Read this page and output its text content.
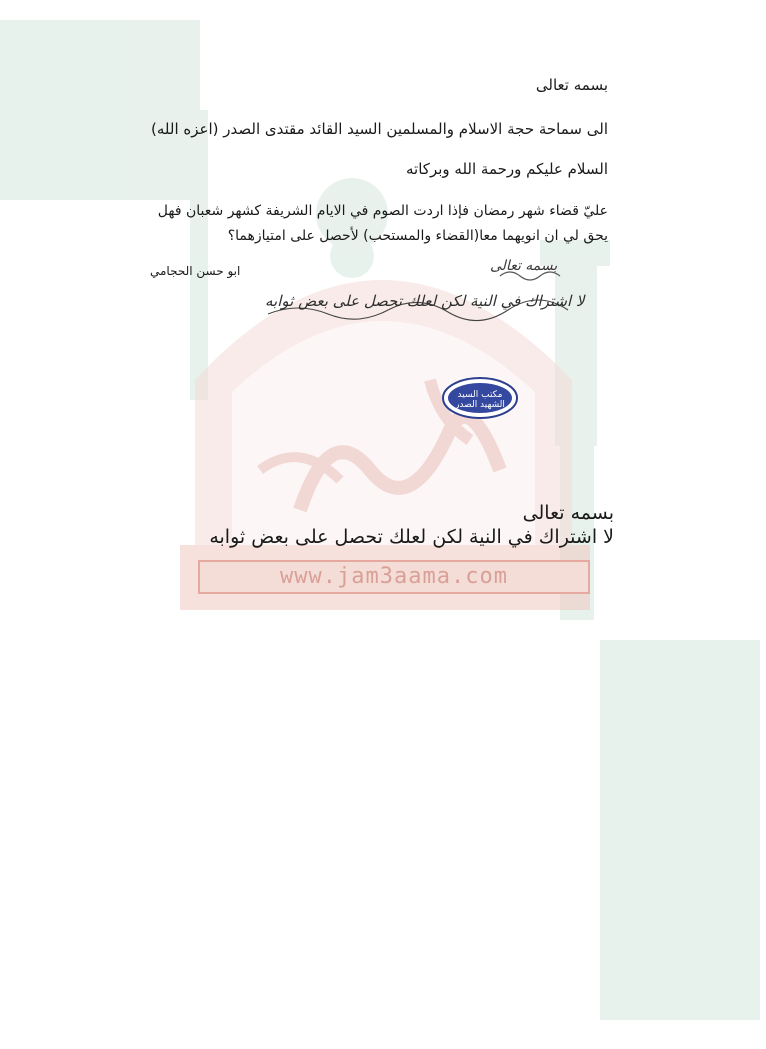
www.jam3aama.com
بسمه تعالى
الى سماحة حجة الاسلام والمسلمين السيد القائد مقتدى الصدر (اعزه الله)
السلام عليكم ورحمة الله وبركاته
عليّ قضاء شهر رمضان فإذا اردت الصوم في الايام الشريفة كشهر شعبان فهل
يحق لي ان انويهما معا(القضاء والمستحب) لأحصل على امتيازهما؟
ابو حسن الحجامي	بسمه تعالى
لا اشتراك في النية لكن لعلك تحصل على بعض ثوابه
مكتب السيد الشهيد الصدر
بسمه تعالى
لا اشتراك في النية لكن لعلك تحصل على بعض ثوابه
